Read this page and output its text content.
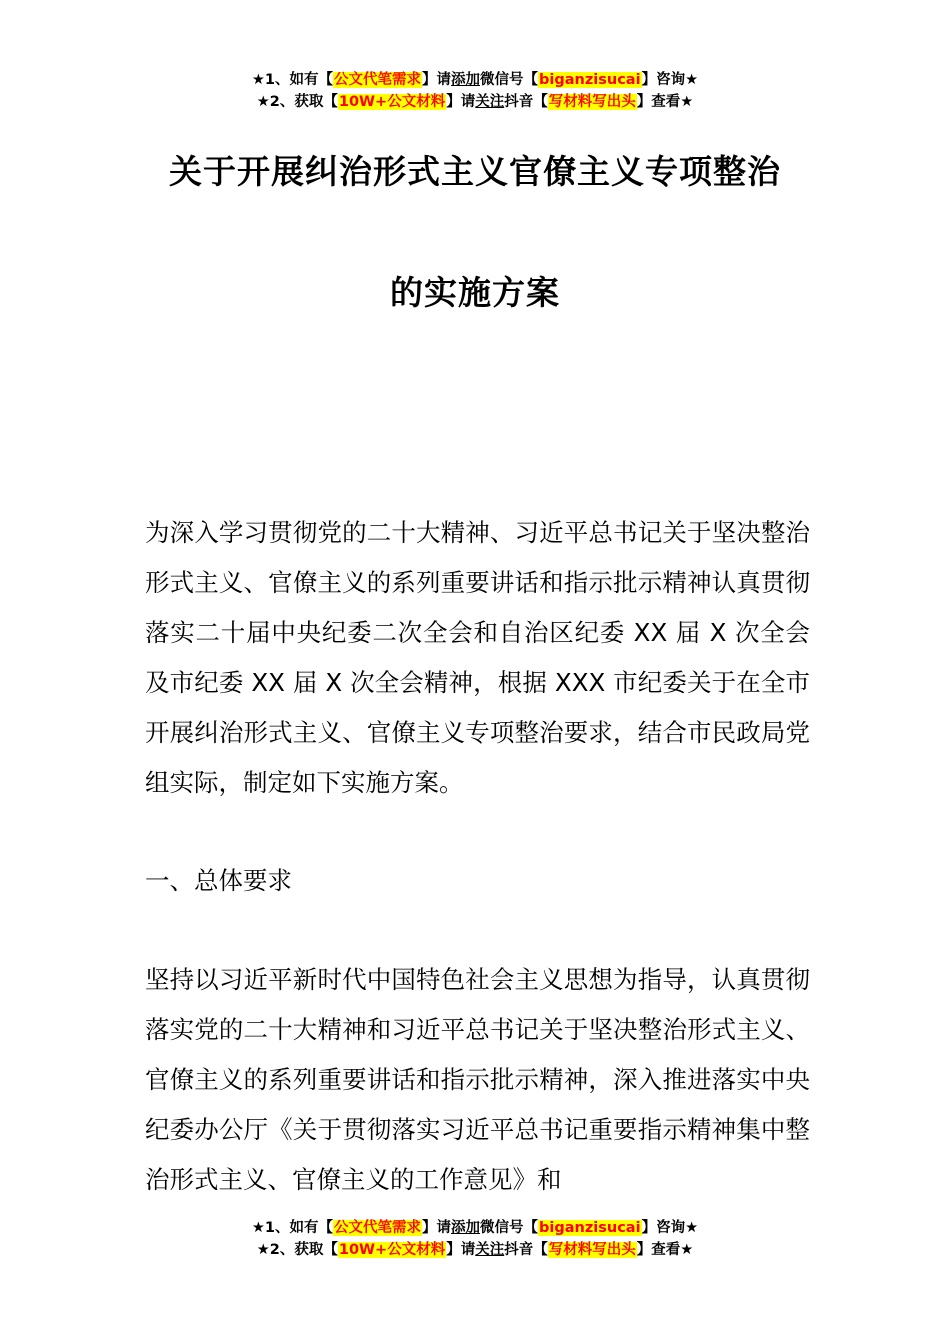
★1、如有【公文代笔需求】请添加微信号【biganzisucai】咨询★
★2、获取【10W+公文材料】请关注抖音【写材料写出头】查看★
关于开展纠治形式主义官僚主义专项整治
的实施方案
为深入学习贯彻党的二十大精神、习近平总书记关于坚决整治形式主义、官僚主义的系列重要讲话和指示批示精神认真贯彻落实二十届中央纪委二次全会和自治区纪委 XX 届 X 次全会及市纪委 XX 届 X 次全会精神，根据 XXX 市纪委关于在全市开展纠治形式主义、官僚主义专项整治要求，结合市民政局党组实际，制定如下实施方案。
一、总体要求
坚持以习近平新时代中国特色社会主义思想为指导，认真贯彻落实党的二十大精神和习近平总书记关于坚决整治形式主义、官僚主义的系列重要讲话和指示批示精神，深入推进落实中央纪委办公厅《关于贯彻落实习近平总书记重要指示精神集中整治形式主义、官僚主义的工作意见》和
★1、如有【公文代笔需求】请添加微信号【biganzisucai】咨询★
★2、获取【10W+公文材料】请关注抖音【写材料写出头】查看★
